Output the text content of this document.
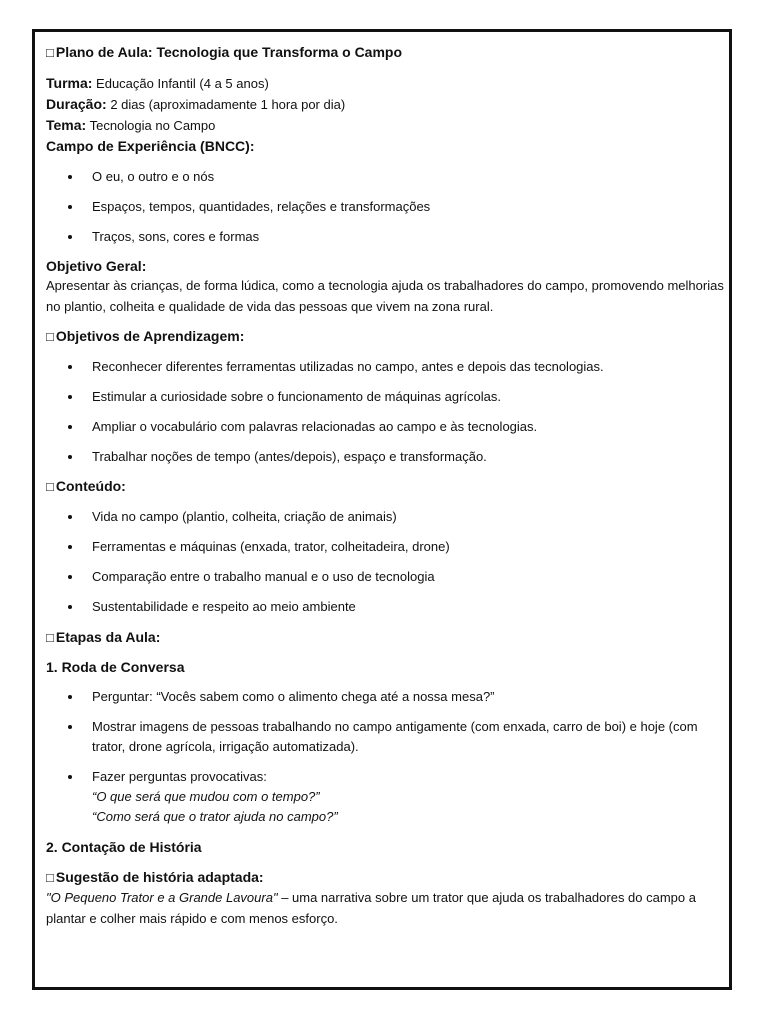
□ Plano de Aula: Tecnologia que Transforma o Campo
Turma: Educação Infantil (4 a 5 anos)
Duração: 2 dias (aproximadamente 1 hora por dia)
Tema: Tecnologia no Campo
Campo de Experiência (BNCC):
O eu, o outro e o nós
Espaços, tempos, quantidades, relações e transformações
Traços, sons, cores e formas
Objetivo Geral:
Apresentar às crianças, de forma lúdica, como a tecnologia ajuda os trabalhadores do campo, promovendo melhorias no plantio, colheita e qualidade de vida das pessoas que vivem na zona rural.
□ Objetivos de Aprendizagem:
Reconhecer diferentes ferramentas utilizadas no campo, antes e depois das tecnologias.
Estimular a curiosidade sobre o funcionamento de máquinas agrícolas.
Ampliar o vocabulário com palavras relacionadas ao campo e às tecnologias.
Trabalhar noções de tempo (antes/depois), espaço e transformação.
□ Conteúdo:
Vida no campo (plantio, colheita, criação de animais)
Ferramentas e máquinas (enxada, trator, colheitadeira, drone)
Comparação entre o trabalho manual e o uso de tecnologia
Sustentabilidade e respeito ao meio ambiente
□ Etapas da Aula:
1. Roda de Conversa
Perguntar: “Vocês sabem como o alimento chega até a nossa mesa?”
Mostrar imagens de pessoas trabalhando no campo antigamente (com enxada, carro de boi) e hoje (com trator, drone agrícola, irrigação automatizada).
Fazer perguntas provocativas:
“O que será que mudou com o tempo?”
“Como será que o trator ajuda no campo?”
2. Contação de História
□ Sugestão de história adaptada:
"O Pequeno Trator e a Grande Lavoura" – uma narrativa sobre um trator que ajuda os trabalhadores do campo a plantar e colher mais rápido e com menos esforço.
